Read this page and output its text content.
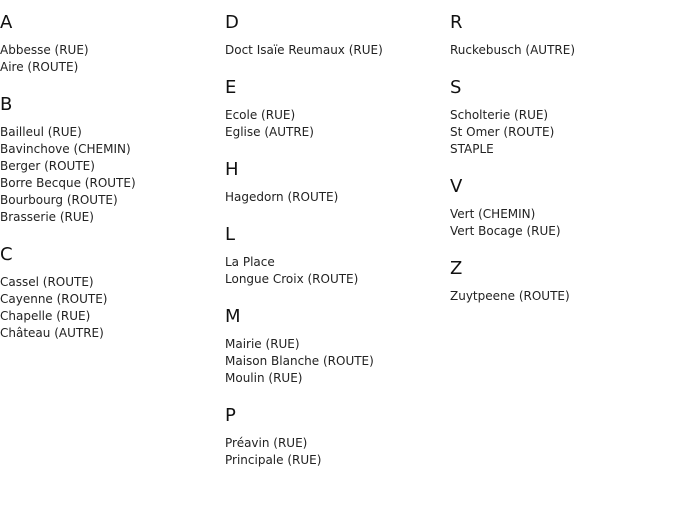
A
Abbesse (RUE)
Aire (ROUTE)
B
Bailleul (RUE)
Bavinchove (CHEMIN)
Berger (ROUTE)
Borre Becque (ROUTE)
Bourbourg (ROUTE)
Brasserie (RUE)
C
Cassel (ROUTE)
Cayenne (ROUTE)
Chapelle (RUE)
Château (AUTRE)
D
Doct Isaïe Reumaux (RUE)
E
Ecole (RUE)
Eglise (AUTRE)
H
Hagedorn (ROUTE)
L
La Place
Longue Croix (ROUTE)
M
Mairie (RUE)
Maison Blanche (ROUTE)
Moulin (RUE)
P
Préavin (RUE)
Principale (RUE)
R
Ruckebusch (AUTRE)
S
Scholterie (RUE)
St Omer (ROUTE)
STAPLE
V
Vert (CHEMIN)
Vert Bocage (RUE)
Z
Zuytpeene (ROUTE)
